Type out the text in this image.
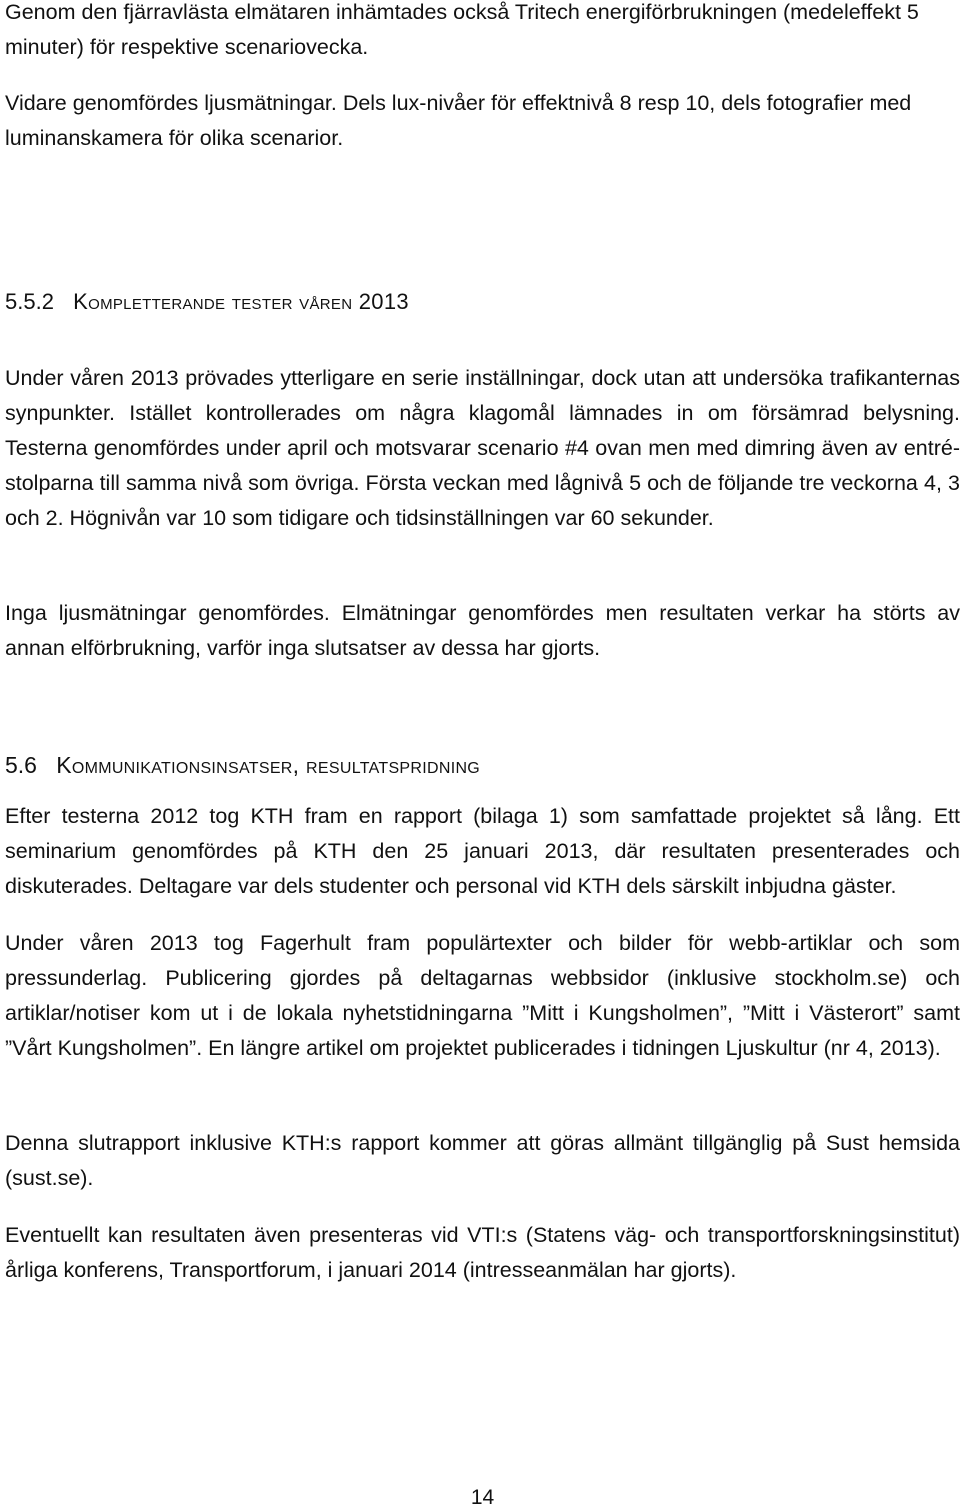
Genom den fjärravlästa elmätaren inhämtades också Tritech energiförbrukningen (medeleffekt 5 minuter) för respektive scenariovecka.

Vidare genomfördes ljusmätningar. Dels lux-nivåer för effektnivå 8 resp 10, dels fotografier med luminanskamera för olika scenarior.

5.5.2 Kompletterande tester våren 2013

Under våren 2013 prövades ytterligare en serie inställningar, dock utan att undersöka trafikanternas synpunkter. Istället kontrollerades om några klagomål lämnades in om försämrad belysning. Testerna genomfördes under april och motsvarar scenario #4 ovan men med dimring även av entré-stolparna till samma nivå som övriga. Första veckan med lågnivå 5 och de följande tre veckorna 4, 3 och 2. Högnivån var 10 som tidigare och tidsinställningen var 60 sekunder.

Inga ljusmätningar genomfördes. Elmätningar genomfördes men resultaten verkar ha störts av annan elförbrukning, varför inga slutsatser av dessa har gjorts.

5.6 Kommunikationsinsatser, resultatspridning

Efter testerna 2012 tog KTH fram en rapport (bilaga 1) som samfattade projektet så lång. Ett seminarium genomfördes på KTH den 25 januari 2013, där resultaten presenterades och diskuterades. Deltagare var dels studenter och personal vid KTH dels särskilt inbjudna gäster.

Under våren 2013 tog Fagerhult fram populärtexter och bilder för webb-artiklar och som pressunderlag. Publicering gjordes på deltagarnas webbsidor (inklusive stockholm.se) och artiklar/notiser kom ut i de lokala nyhetstidningarna ”Mitt i Kungsholmen”, ”Mitt i Västerort” samt ”Vårt Kungsholmen”. En längre artikel om projektet publicerades i tidningen Ljuskultur (nr 4, 2013).

Denna slutrapport inklusive KTH:s rapport kommer att göras allmänt tillgänglig på Sust hemsida (sust.se).

Eventuellt kan resultaten även presenteras vid VTI:s (Statens väg- och transportforskningsinstitut) årliga konferens, Transportforum, i januari 2014 (intresseanmälan har gjorts).

14
